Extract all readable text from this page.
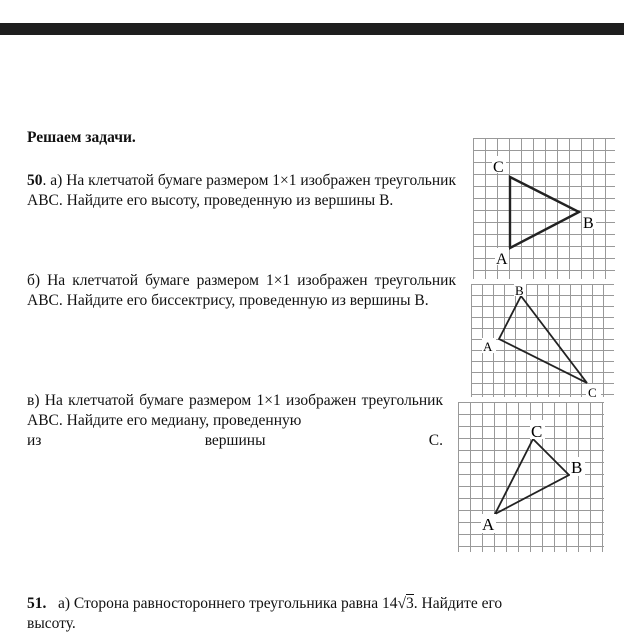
Решаем задачи.
50. а) На клетчатой бумаге размером 1×1 изображен треугольник ABC. Найдите его высоту, проведенную из вершины B.
б) На клетчатой бумаге размером 1×1 изображен треугольник ABC. Найдите его биссектрису, проведенную из вершины B.
в) На клетчатой бумаге размером 1×1 изображен треугольник ABC. Найдите его медиану, проведенную
из	вершины	С.
51. а) Сторона равностороннего треугольника равна 14√3. Найдите его
высоту.
C
A
B
B
A
C
C
B
A
